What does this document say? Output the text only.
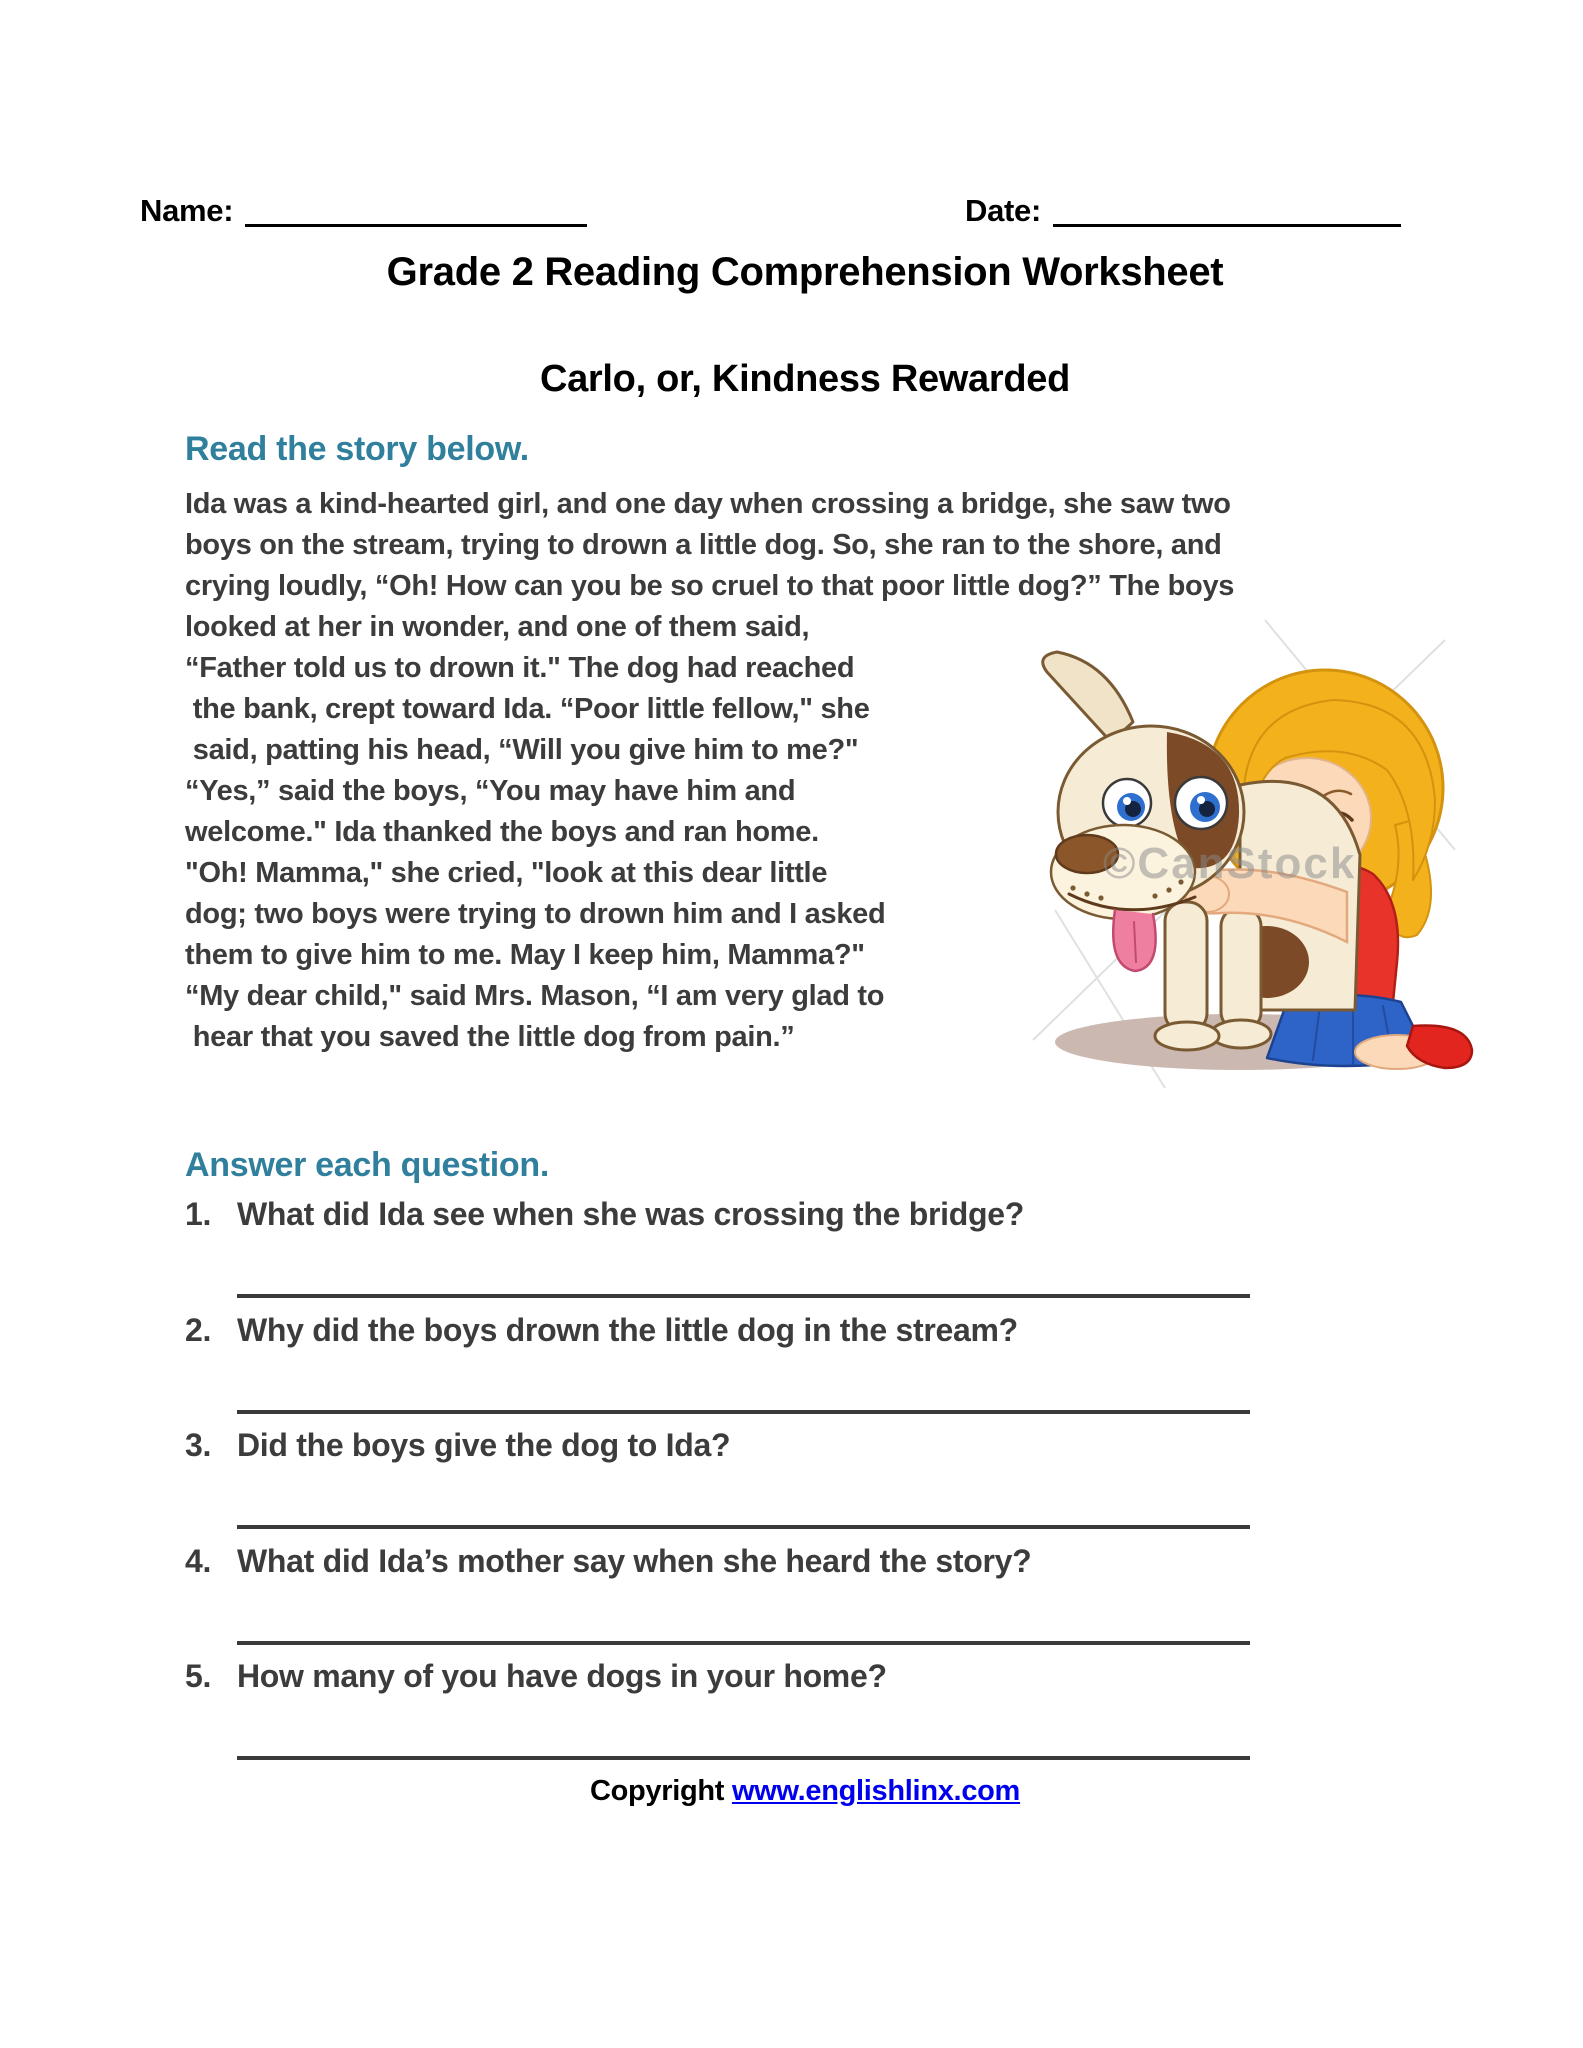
Name:	Date:
Grade 2 Reading Comprehension Worksheet
Carlo, or, Kindness Rewarded
Read the story below.
Ida was a kind-hearted girl, and one day when crossing a bridge, she saw two
boys on the stream, trying to drown a little dog. So, she ran to the shore, and
crying loudly, “Oh! How can you be so cruel to that poor little dog?” The boys
looked at her in wonder, and one of them said,
“Father told us to drown it." The dog had reached
the bank, crept toward Ida. “Poor little fellow," she
said, patting his head, “Will you give him to me?"
“Yes,” said the boys, “You may have him and
welcome." Ida thanked the boys and ran home.
"Oh! Mamma," she cried, "look at this dear little
dog; two boys were trying to drown him and I asked
them to give him to me. May I keep him, Mamma?"
“My dear child," said Mrs. Mason, “I am very glad to
hear that you saved the little dog from pain.”
©CanStock
Answer each question.
1. What did Ida see when she was crossing the bridge?
2. Why did the boys drown the little dog in the stream?
3. Did the boys give the dog to Ida?
4. What did Ida’s mother say when she heard the story?
5. How many of you have dogs in your home?
Copyright www.englishlinx.com
